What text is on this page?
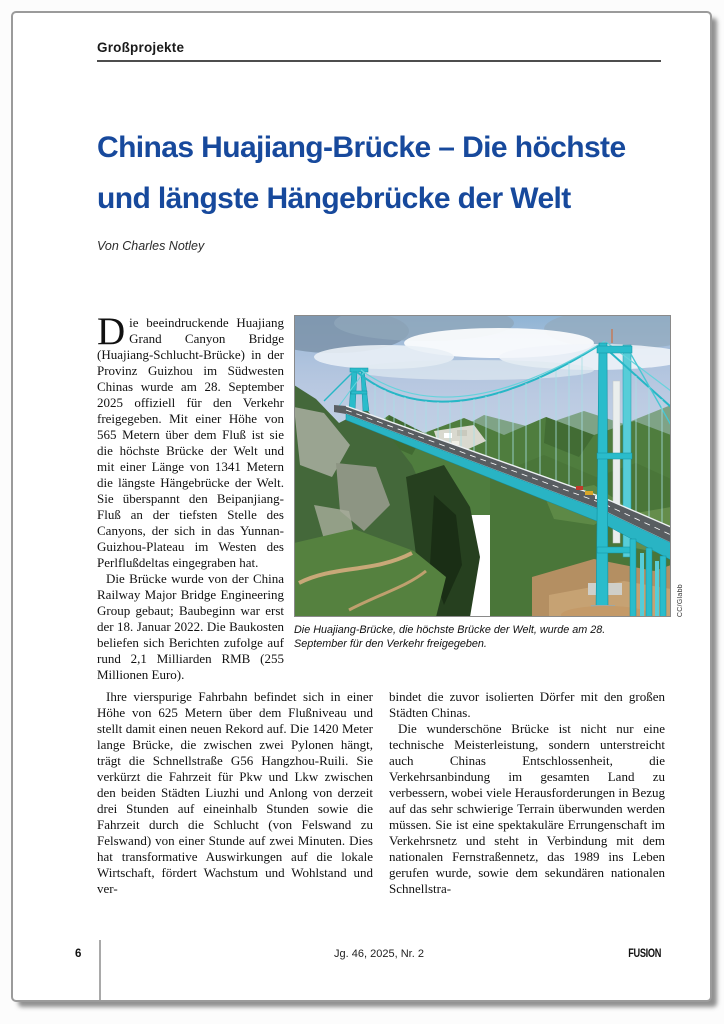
Großprojekte
Chinas Huajiang-Brücke – Die höchste
und längste Hängebrücke der Welt
Von Charles Notley

Die beeindruckende Huajiang Grand Canyon Bridge (Huajiang-Schlucht-Brücke) in der Provinz Guizhou im Südwesten Chinas wurde am 28. September 2025 offiziell für den Verkehr freigegeben. Mit einer Höhe von 565 Metern über dem Fluß ist sie die höchste Brücke der Welt und mit einer Länge von 1341 Metern die längste Hängebrücke der Welt. Sie überspannt den Beipanjiang-Fluß an der tiefsten Stelle des Canyons, der sich in das Yunnan-Guizhou-Plateau im Westen des Perlflußdeltas eingegraben hat.

Die Brücke wurde von der China Railway Major Bridge Engineering Group gebaut; Baubeginn war erst der 18. Januar 2022. Die Baukosten beliefen sich Berichten zufolge auf rund 2,1 Milliarden RMB (255 Millionen Euro).

CC/Glabb
Die Huajiang-Brücke, die höchste Brücke der Welt, wurde am 28. September für den Verkehr freigegeben.

Ihre vierspurige Fahrbahn befindet sich in einer Höhe von 625 Metern über dem Flußniveau und stellt damit einen neuen Rekord auf. Die 1420 Meter lange Brücke, die zwischen zwei Pylonen hängt, trägt die Schnellstraße G56 Hangzhou-Ruili. Sie verkürzt die Fahrzeit für Pkw und Lkw zwischen den beiden Städten Liuzhi und Anlong von derzeit drei Stunden auf eineinhalb Stunden sowie die Fahrzeit durch die Schlucht (von Felswand zu Felswand) von einer Stunde auf zwei Minuten. Dies hat transformative Auswirkungen auf die lokale Wirtschaft, fördert Wachstum und Wohlstand und ver-

bindet die zuvor isolierten Dörfer mit den großen Städten Chinas.

Die wunderschöne Brücke ist nicht nur eine technische Meisterleistung, sondern unterstreicht auch Chinas Entschlossenheit, die Verkehrsanbindung im gesamten Land zu verbessern, wobei viele Herausforderungen in Bezug auf das sehr schwierige Terrain überwunden werden müssen. Sie ist eine spektakuläre Errungenschaft im Verkehrsnetz und steht in Verbindung mit dem nationalen Fernstraßennetz, das 1989 ins Leben gerufen wurde, sowie dem sekundären nationalen Schnellstra-

6	Jg. 46, 2025, Nr. 2	FUSION
